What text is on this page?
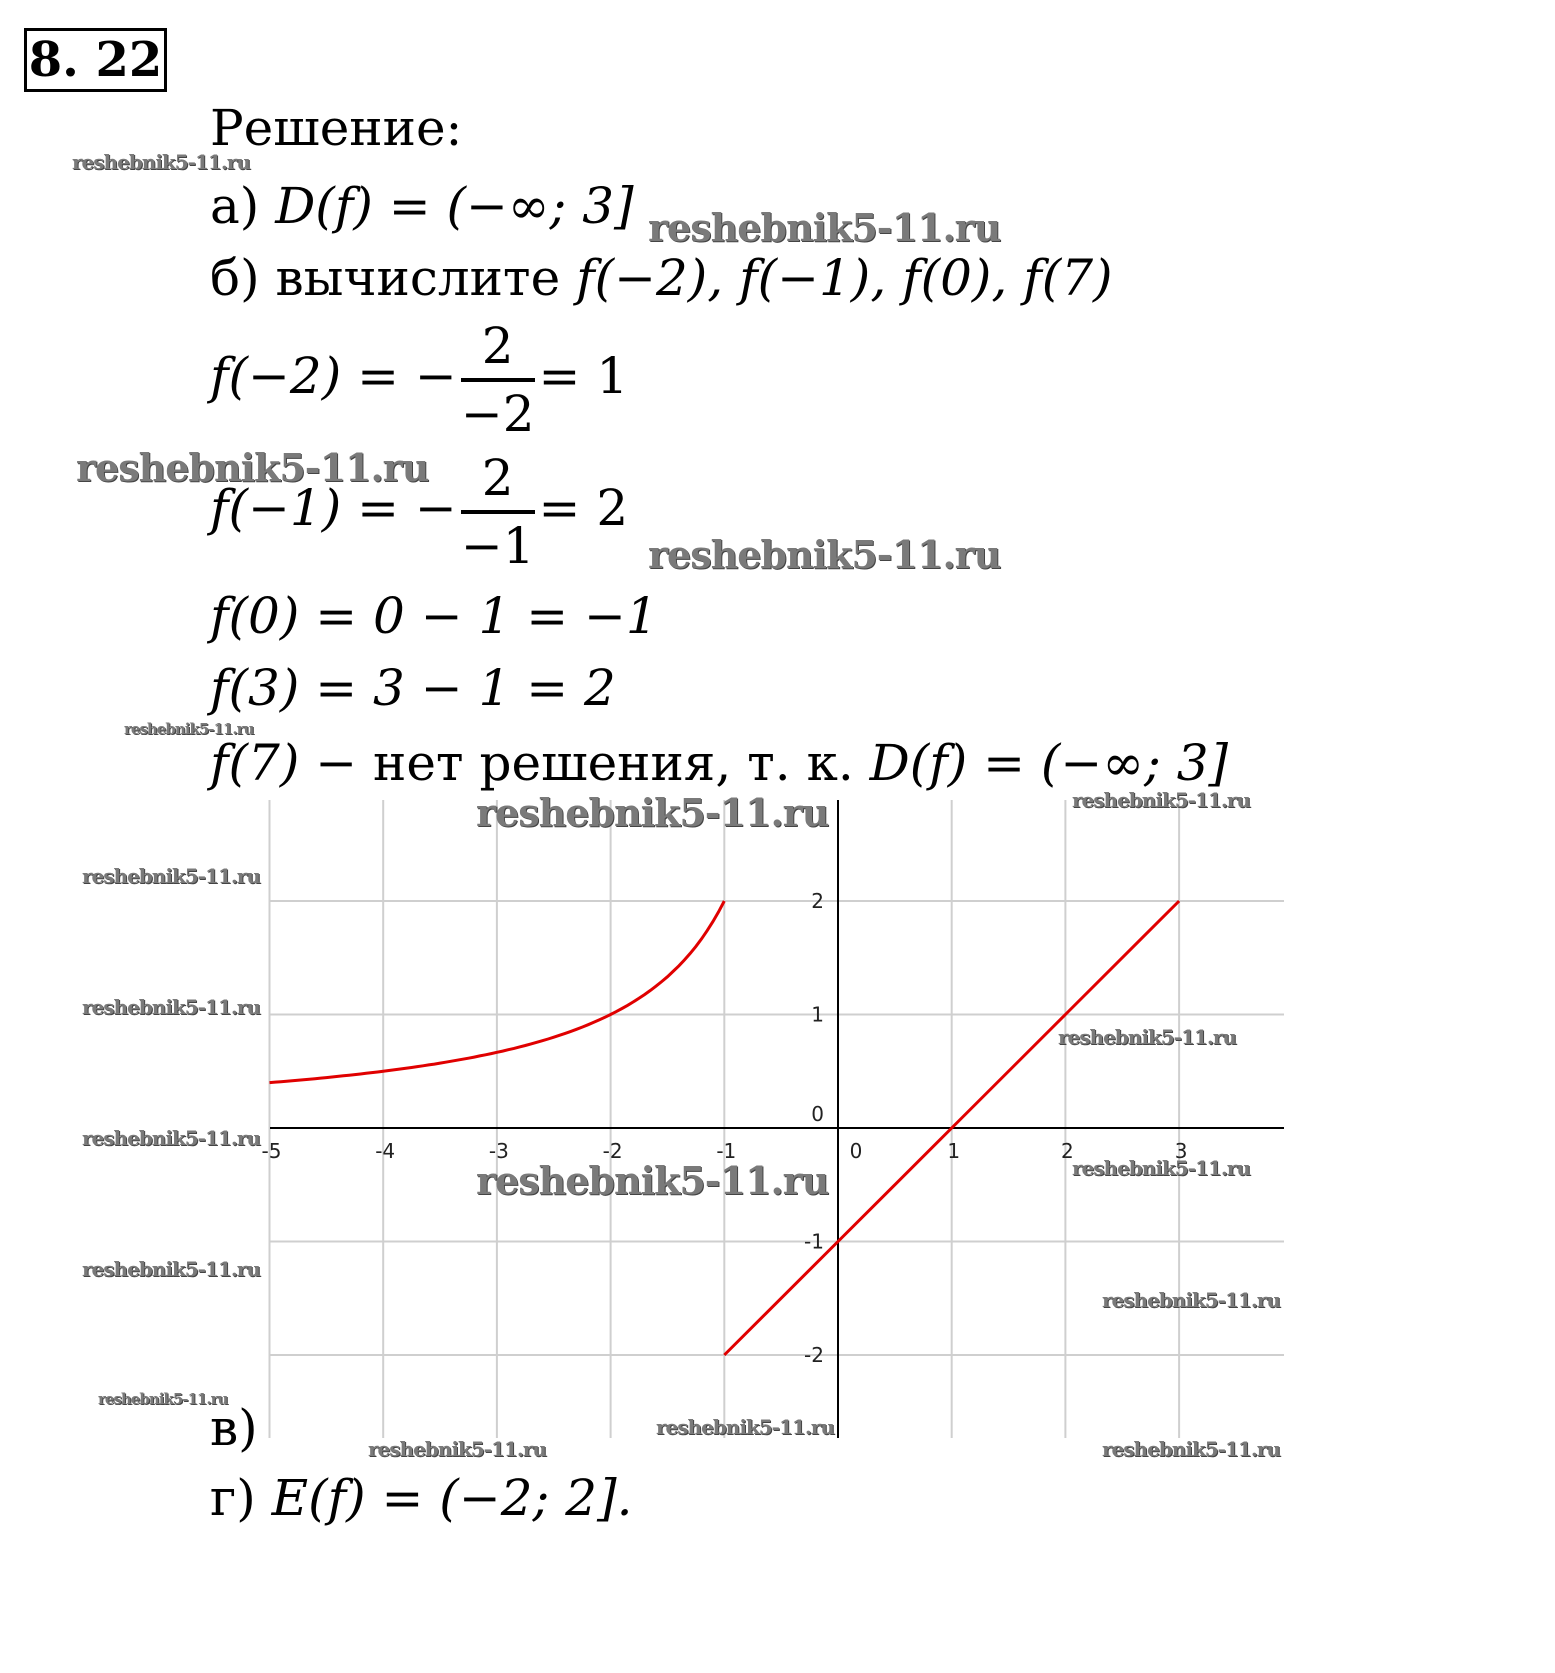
8. 22
Решение:
а) D(f) = (−∞; 3]
б) вычислите f(−2), f(−1), f(0), f(7)
f(−2) = − $\frac{2}{-2} = 1$
f(−1) = − $\frac{2}{-1} = 2$
f(0) = 0 − 1 = −1
f(3) = 3 − 1 = 2
f(7) − нет решения, т. к. D(f) = (−∞; 3]
-5	-4	-3	-2	-1	0	1	2	3
-2
-1
0
1
2
в)
г) E(f) = (−2; 2].
reshebnik5-11.ru
reshebnik5-11.ru
reshebnik5-11.ru
reshebnik5-11.ru
reshebnik5-11.ru
reshebnik5-11.ru	reshebnik5-11.ru
reshebnik5-11.ru
reshebnik5-11.ru
reshebnik5-11.ru
reshebnik5-11.ru
reshebnik5-11.ru	reshebnik5-11.ru
reshebnik5-11.ru
reshebnik5-11.ru
reshebnik5-11.ru
reshebnik5-11.ru
reshebnik5-11.ru	reshebnik5-11.ru
